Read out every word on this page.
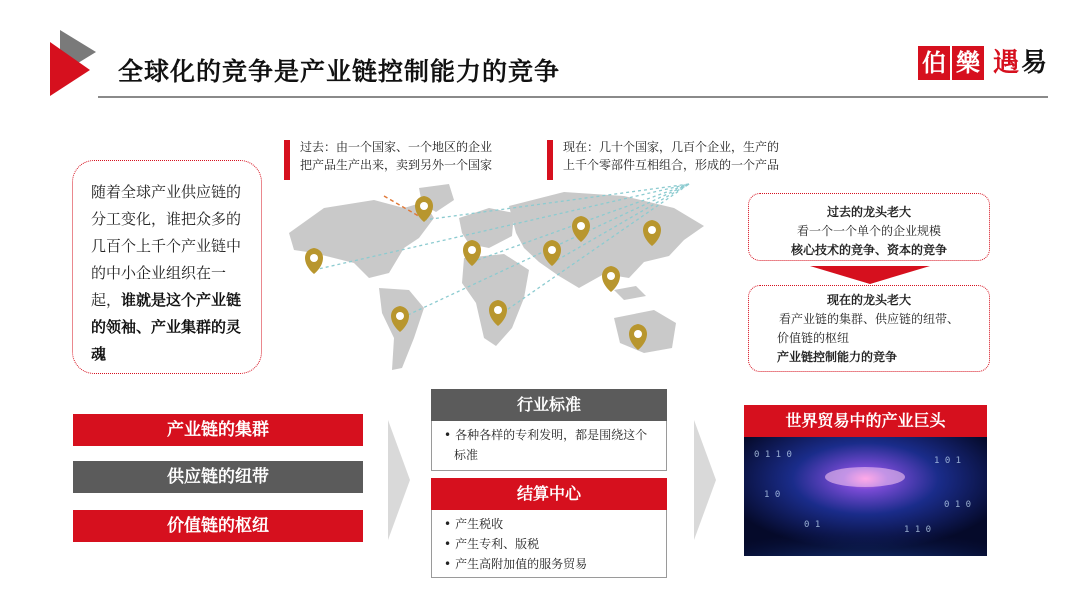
全球化的竞争是产业链控制能力的竞争	伯 樂 遇 易
过去：由一个国家、一个地区的企业
把产品生产出来，卖到另外一个国家
现在：几十个国家，几百个企业，生产的
上千个零部件互相组合，形成的一个产品
随着全球产业供应链的分工变化，谁把众多的几百个上千个产业链中的中小企业组织在一起，谁就是这个产业链的领袖、产业集群的灵魂
产业链的集群
供应链的纽带
价值链的枢纽
行业标准
• 各种各样的专利发明，都是围绕这个标准
结算中心
• 产生税收
• 产生专利、版税
• 产生高附加值的服务贸易
过去的龙头老大
看一个一个单个的企业规模
核心技术的竞争、资本的竞争
现在的龙头老大
看产业链的集群、供应链的纽带、
价值链的枢纽
产业链控制能力的竞争
世界贸易中的产业巨头
0 1 1 0
1 0 1
1 0
0 1 0
0 1	1 1 0
